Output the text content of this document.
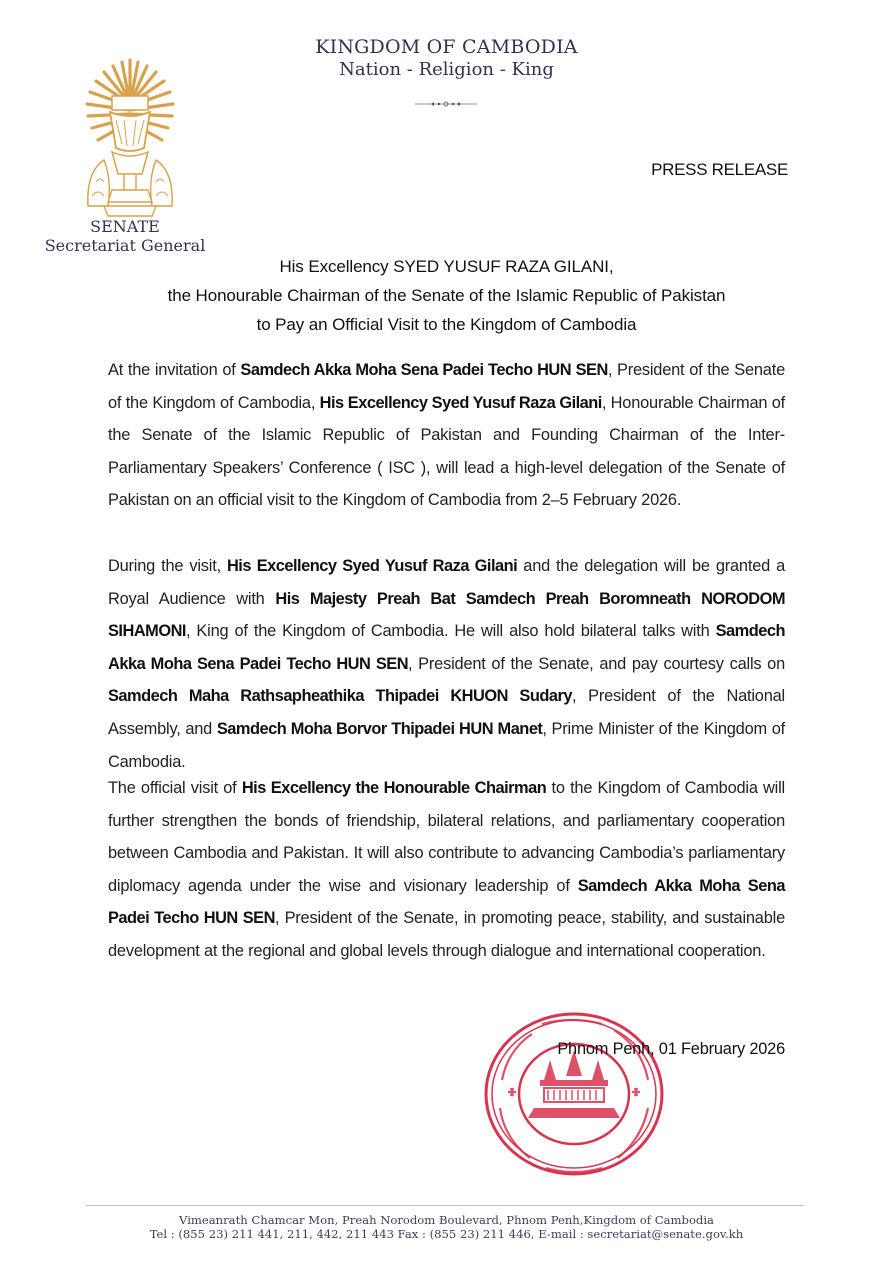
KINGDOM OF CAMBODIA
Nation - Religion - King
SENATE
Secretariat General
PRESS RELEASE
His Excellency SYED YUSUF RAZA GILANI,
the Honourable Chairman of the Senate of the Islamic Republic of Pakistan
to Pay an Official Visit to the Kingdom of Cambodia
At the invitation of Samdech Akka Moha Sena Padei Techo HUN SEN, President of the Senate of the Kingdom of Cambodia, His Excellency Syed Yusuf Raza Gilani, Honourable Chairman of the Senate of the Islamic Republic of Pakistan and Founding Chairman of the Inter-Parliamentary Speakers’ Conference ( ISC ), will lead a high-level delegation of the Senate of Pakistan on an official visit to the Kingdom of Cambodia from 2–5 February 2026.
During the visit, His Excellency Syed Yusuf Raza Gilani and the delegation will be granted a Royal Audience with His Majesty Preah Bat Samdech Preah Boromneath NORODOM SIHAMONI, King of the Kingdom of Cambodia. He will also hold bilateral talks with Samdech Akka Moha Sena Padei Techo HUN SEN, President of the Senate, and pay courtesy calls on Samdech Maha Rathsapheathika Thipadei KHUON Sudary, President of the National Assembly, and Samdech Moha Borvor Thipadei HUN Manet, Prime Minister of the Kingdom of Cambodia.
The official visit of His Excellency the Honourable Chairman to the Kingdom of Cambodia will further strengthen the bonds of friendship, bilateral relations, and parliamentary cooperation between Cambodia and Pakistan. It will also contribute to advancing Cambodia’s parliamentary diplomacy agenda under the wise and visionary leadership of Samdech Akka Moha Sena Padei Techo HUN SEN, President of the Senate, in promoting peace, stability, and sustainable development at the regional and global levels through dialogue and international cooperation.
Phnom Penh, 01 February 2026
Vimeanrath Chamcar Mon, Preah Norodom Boulevard, Phnom Penh,Kingdom of Cambodia
Tel : (855 23) 211 441, 211, 442, 211 443 Fax : (855 23) 211 446, E-mail : secretariat@senate.gov.kh
